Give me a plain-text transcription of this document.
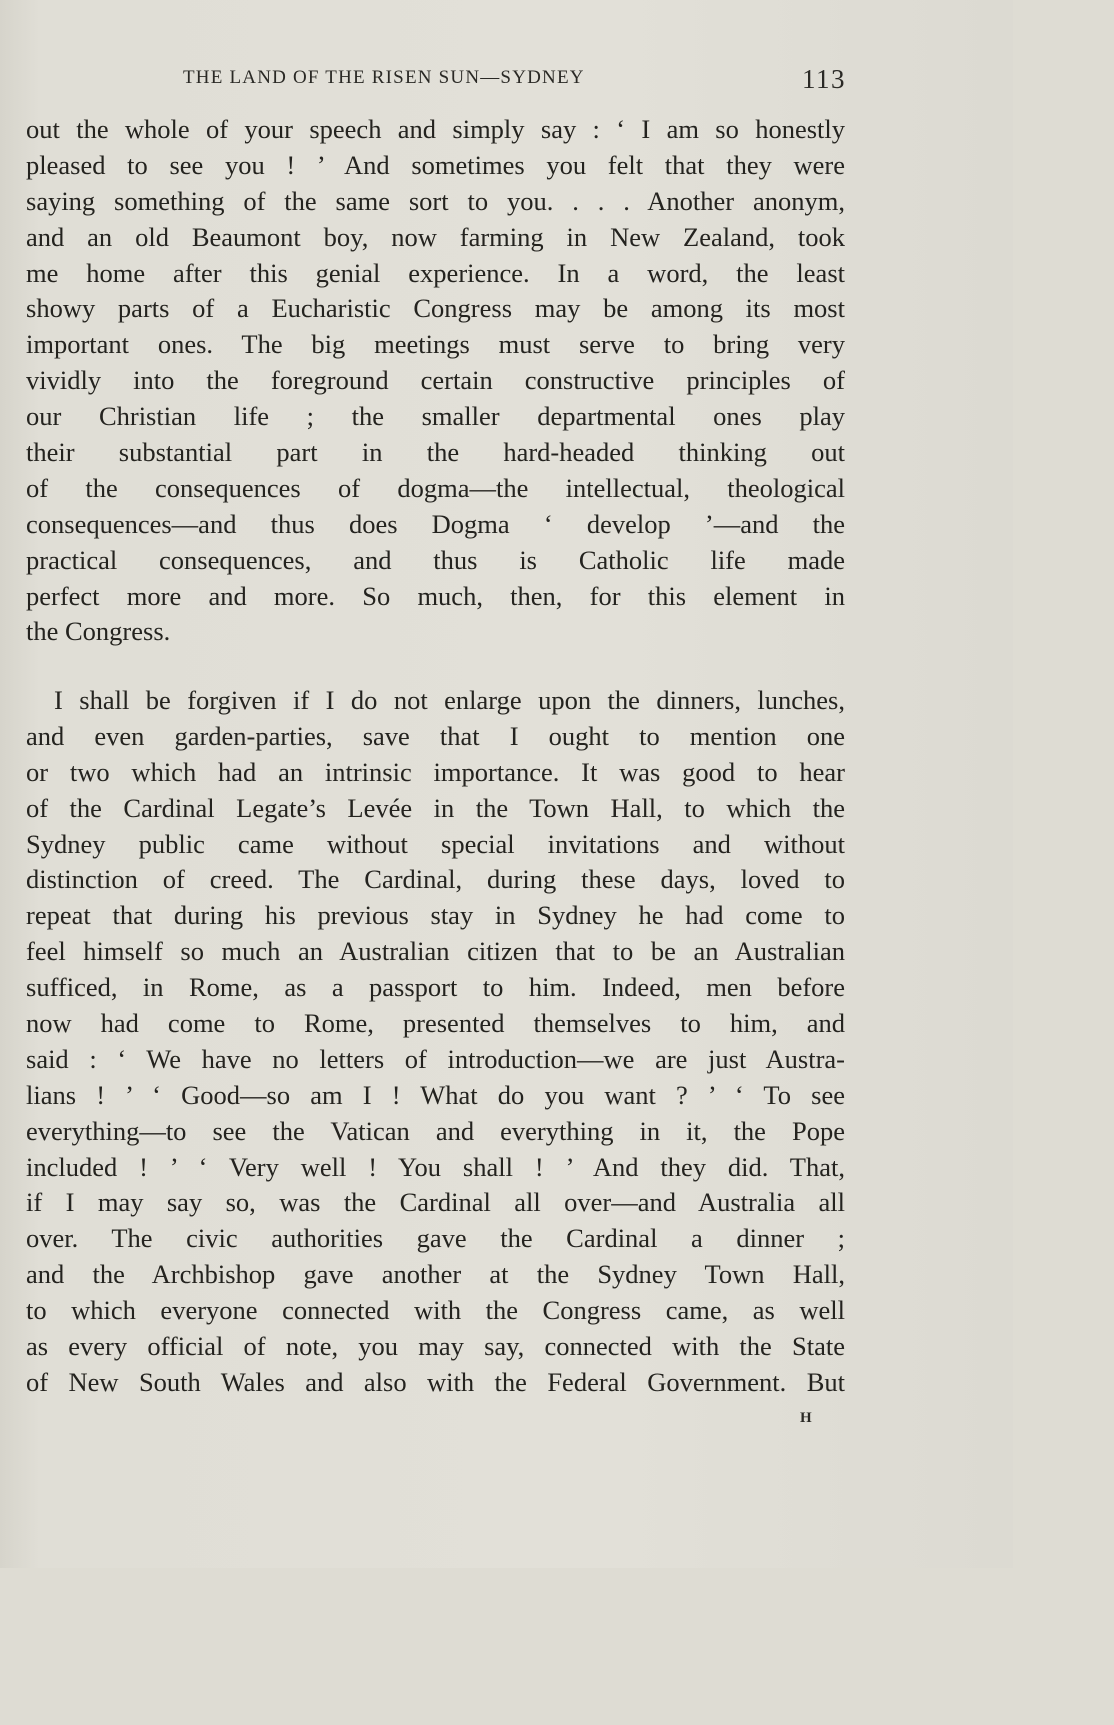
THE LAND OF THE RISEN SUN—SYDNEY	113
out the whole of your speech and simply say : ‘ I am so honestly
pleased to see you ! ’ And sometimes you felt that they were
saying something of the same sort to you. . . . Another anonym,
and an old Beaumont boy, now farming in New Zealand, took
me home after this genial experience. In a word, the least
showy parts of a Eucharistic Congress may be among its most
important ones. The big meetings must serve to bring very
vividly into the foreground certain constructive principles of
our Christian life ; the smaller departmental ones play
their substantial part in the hard-headed thinking out
of the consequences of dogma—the intellectual, theological
consequences—and thus does Dogma ‘ develop ’—and the
practical consequences, and thus is Catholic life made
perfect more and more. So much, then, for this element in
the Congress.
I shall be forgiven if I do not enlarge upon the dinners, lunches,
and even garden-parties, save that I ought to mention one
or two which had an intrinsic importance. It was good to hear
of the Cardinal Legate’s Levée in the Town Hall, to which the
Sydney public came without special invitations and without
distinction of creed. The Cardinal, during these days, loved to
repeat that during his previous stay in Sydney he had come to
feel himself so much an Australian citizen that to be an Australian
sufficed, in Rome, as a passport to him. Indeed, men before
now had come to Rome, presented themselves to him, and
said : ‘ We have no letters of introduction—we are just Austra-
lians ! ’ ‘ Good—so am I ! What do you want ? ’ ‘ To see
everything—to see the Vatican and everything in it, the Pope
included ! ’ ‘ Very well ! You shall ! ’ And they did. That,
if I may say so, was the Cardinal all over—and Australia all
over. The civic authorities gave the Cardinal a dinner ;
and the Archbishop gave another at the Sydney Town Hall,
to which everyone connected with the Congress came, as well
as every official of note, you may say, connected with the State
of New South Wales and also with the Federal Government. But
H
